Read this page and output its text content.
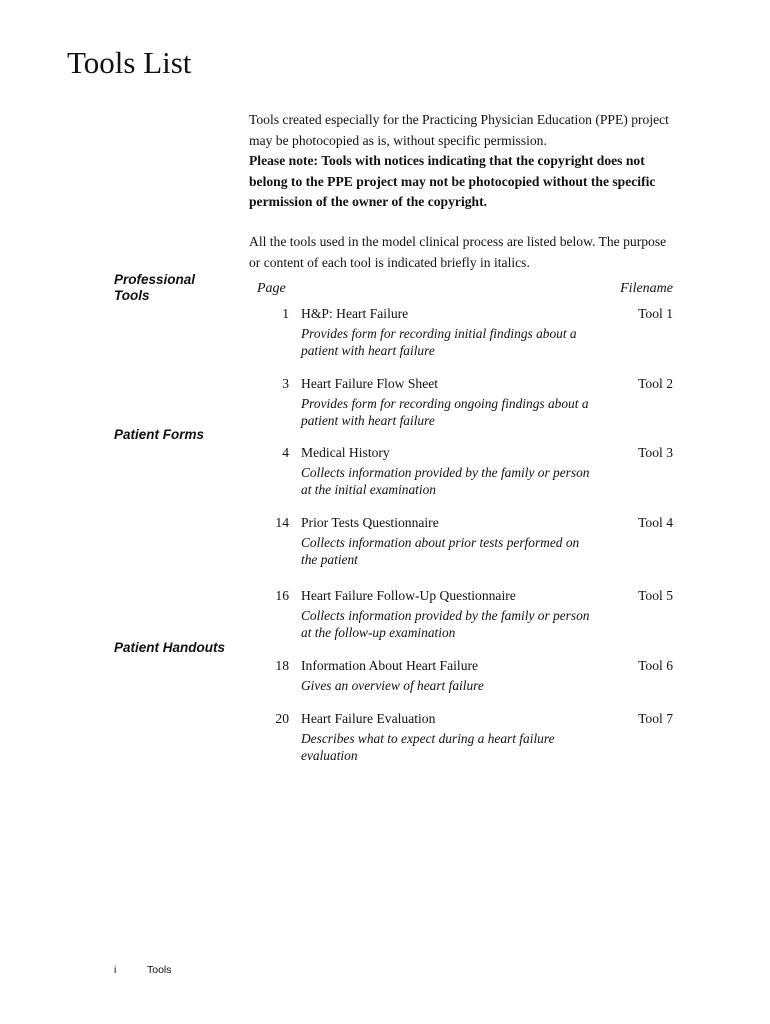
Tools List

Tools created especially for the Practicing Physician Education (PPE) project may be photocopied as is, without specific permission.

Please note: Tools with notices indicating that the copyright does not belong to the PPE project may not be photocopied without the specific permission of the owner of the copyright.

All the tools used in the model clinical process are listed below. The purpose or content of each tool is indicated briefly in italics.

Professional Tools
Patient Forms
Patient Handouts
Page	Filename
1 H&P: Heart Failure
Provides form for recording initial findings about a patient with heart failure
Tool 1
3 Heart Failure Flow Sheet
Provides form for recording ongoing findings about a patient with heart failure
Tool 2
4 Medical History
Collects information provided by the family or person at the initial examination
Tool 3
14 Prior Tests Questionnaire
Collects information about prior tests performed on the patient
Tool 4
16 Heart Failure Follow-Up Questionnaire
Collects information provided by the family or person at the follow-up examination
Tool 5
18 Information About Heart Failure
Gives an overview of heart failure
Tool 6
20 Heart Failure Evaluation
Describes what to expect during a heart failure evaluation
Tool 7
i	Tools
